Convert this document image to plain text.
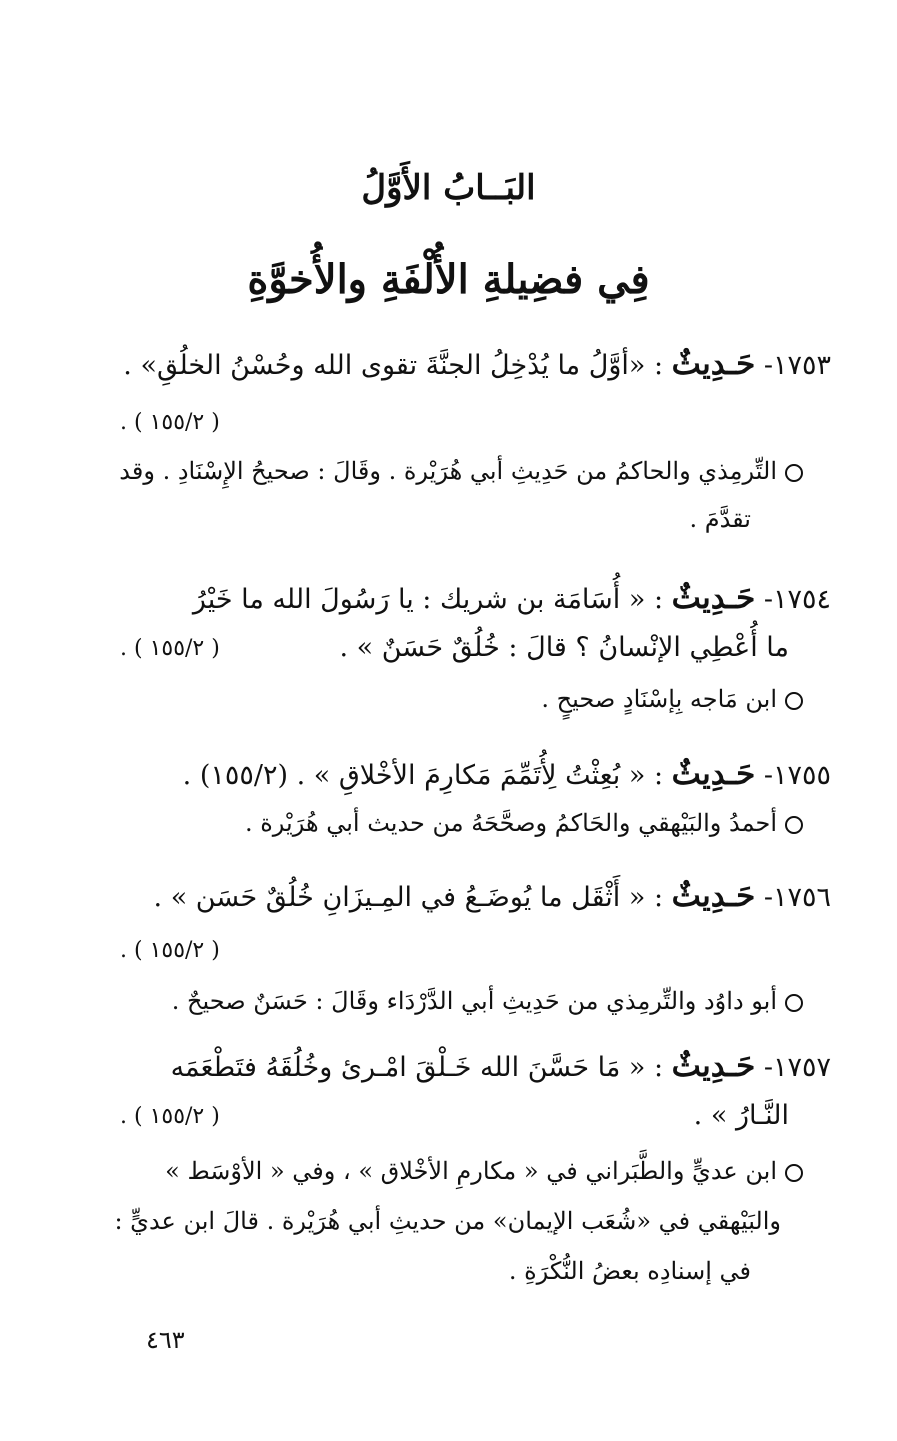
البَــابُ الأَوَّلُ
فِي فضِيلةِ الأُلْفَةِ والأُخوَّةِ
١٧٥٣- حَـدِيثٌ : «أوَّلُ ما يُدْخِلُ الجنَّةَ تقوى الله وحُسْنُ الخلُقِ» .
( ١٥٥/٢ ) .
التِّرمِذي والحاكمُ من حَدِيثِ أبي هُرَيْرة . وقَالَ : صحيحُ الإِسْنَادِ . وقد
تقدَّمَ .
١٧٥٤- حَـدِيثٌ : « أُسَامَة بن شريك : يا رَسُولَ الله ما خَيْرُ
ما أُعْطِي الإنْسانُ ؟ قالَ : خُلُقٌ حَسَنٌ » .
( ١٥٥/٢ ) .
ابن مَاجه بِإسْنَادٍ صحيحٍ .
١٧٥٥- حَـدِيثٌ : « بُعِثْتُ لِأُتَمِّمَ مَكارِمَ الأخْلاقِ » . (١٥٥/٢) .
أحمدُ والبَيْهقي والحَاكمُ وصحَّحَهُ من حديث أبي هُرَيْرة .
١٧٥٦- حَـدِيثٌ : « أَثْقَل ما يُوضَـعُ في المِـيزَانِ خُلُقٌ حَسَن » .
( ١٥٥/٢ ) .
أبو داوُد والتِّرمِذي من حَدِيثِ أبي الدَّرْدَاء وقَالَ : حَسَنٌ صحيحٌ .
١٧٥٧- حَـدِيثٌ : « مَا حَسَّنَ الله خَـلْقَ امْـرئ وخُلُقَهُ فتَطْعَمَه
النَّـارُ » .
( ١٥٥/٢ ) .
ابن عديٍّ والطَّبَراني في « مكارمِ الأخْلاق » ، وفي « الأوْسَط »
والبَيْهقي في «شُعَب الإيمان» من حديثِ أبي هُرَيْرة . قالَ ابن عديٍّ :
في إسنادِه بعضُ النُّكْرَةِ .
٤٦٣
